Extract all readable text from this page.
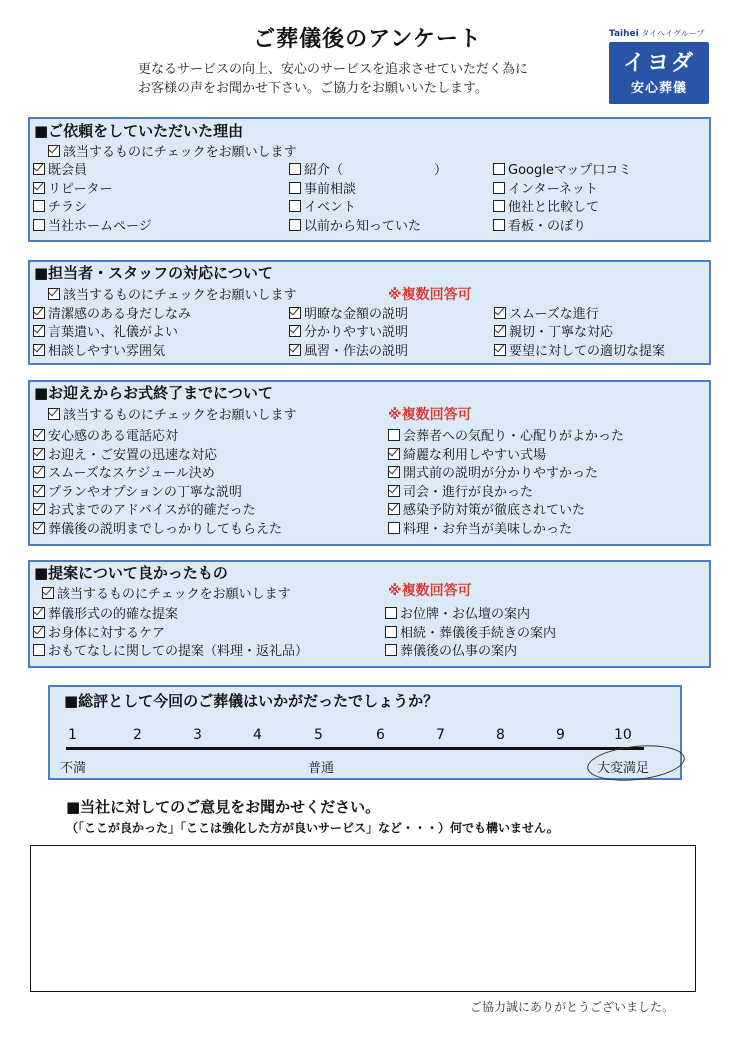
ご葬儀後のアンケート
更なるサービスの向上、安心のサービスを追求させていただく為に
お客様の声をお聞かせ下さい。ご協力をお願いいたします。
Taihei タイヘイグループ
イヨダ
安心葬儀
■ご依頼をしていただいた理由
該当するものにチェックをお願いします
既会員	紹介（　　　　　　　）	Googleマップ口コミ
リピーター	事前相談	インターネット
チラシ	イベント	他社と比較して
当社ホームページ	以前から知っていた	看板・のぼり
■担当者・スタッフの対応について
該当するものにチェックをお願いします	※複数回答可
清潔感のある身だしなみ	明瞭な金額の説明	スムーズな進行
言葉遣い、礼儀がよい	分かりやすい説明	親切・丁寧な対応
相談しやすい雰囲気	風習・作法の説明	要望に対しての適切な提案
■お迎えからお式終了までについて
該当するものにチェックをお願いします	※複数回答可
安心感のある電話応対	会葬者への気配り・心配りがよかった
お迎え・ご安置の迅速な対応	綺麗な利用しやすい式場
スムーズなスケジュール決め	開式前の説明が分かりやすかった
プランやオプションの丁寧な説明	司会・進行が良かった
お式までのアドバイスが的確だった	感染予防対策が徹底されていた
葬儀後の説明までしっかりしてもらえた	料理・お弁当が美味しかった
■提案について良かったもの
該当するものにチェックをお願いします	※複数回答可
葬儀形式の的確な提案	お位牌・お仏壇の案内
お身体に対するケア	相続・葬儀後手続きの案内
おもてなしに関しての提案（料理・返礼品）	葬儀後の仏事の案内
■総評として今回のご葬儀はいかがだったでしょうか？
1	2	3	4	5	6	7	8	9	10
不満	普通	大変満足
■当社に対してのご意見をお聞かせください。
（「ここが良かった」「ここは強化した方が良いサービス」など・・・）何でも構いません。
ご協力誠にありがとうございました。
